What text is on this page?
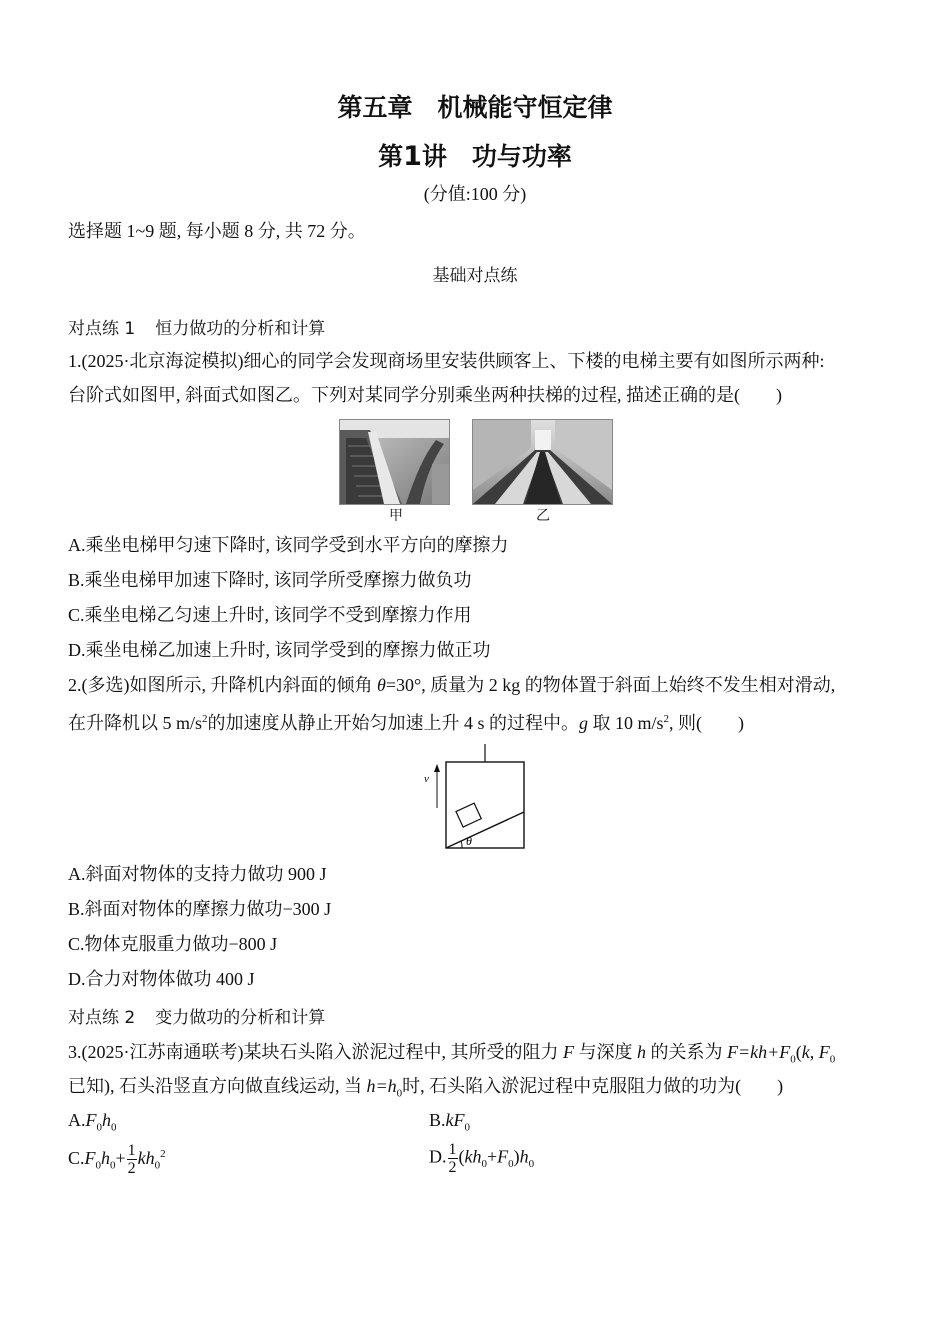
第五章　机械能守恒定律
第1讲　功与功率
(分值:100 分)
选择题 1~9 题, 每小题 8 分, 共 72 分。
基础对点练
对点练 1 恒力做功的分析和计算
1.(2025·北京海淀模拟)细心的同学会发现商场里安装供顾客上、下楼的电梯主要有如图所示两种:
台阶式如图甲, 斜面式如图乙。下列对某同学分别乘坐两种扶梯的过程, 描述正确的是(　　)
甲	乙
A.乘坐电梯甲匀速下降时, 该同学受到水平方向的摩擦力
B.乘坐电梯甲加速下降时, 该同学所受摩擦力做负功
C.乘坐电梯乙匀速上升时, 该同学不受到摩擦力作用
D.乘坐电梯乙加速上升时, 该同学受到的摩擦力做正功
2.(多选)如图所示, 升降机内斜面的倾角 θ=30°, 质量为 2 kg 的物体置于斜面上始终不发生相对滑动,
在升降机以 5 $m/s^2$的加速度从静止开始匀加速上升 4 s 的过程中。g 取 10 $m/s^2$, 则(　　)
θ
v
A.斜面对物体的支持力做功 900 J
B.斜面对物体的摩擦力做功−300 J
C.物体克服重力做功−800 J
D.合力对物体做功 400 J
对点练 2 变力做功的分析和计算
3.(2025·江苏南通联考)某块石头陷入淤泥过程中, 其所受的阻力 F 与深度 h 的关系为 $F=kh+F_0(k$, $F_0$
已知), 石头沿竖直方向做直线运动, 当 $h=h_0$时, 石头陷入淤泥过程中克服阻力做的功为(　　)
$A.F_0h_0$	$B.kF_0$
$C.F_0h_0+ \frac{1}{2} kh_0^2$	D. $\frac{1}{2} (kh_0+F_0)h_0$
